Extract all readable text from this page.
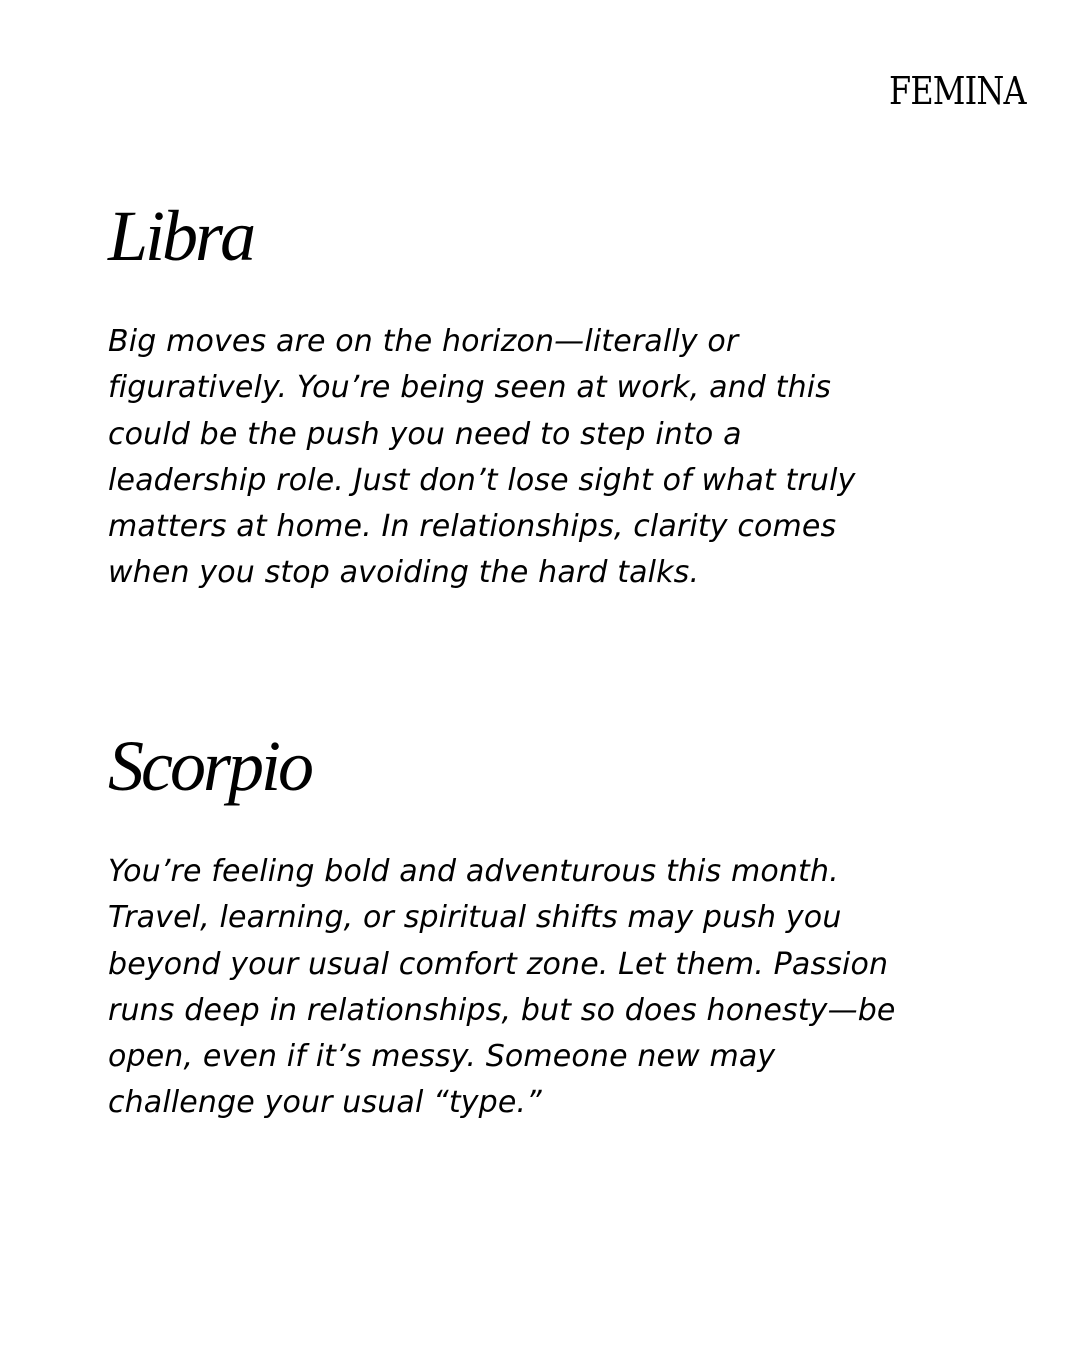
FEMINA
Libra

Big moves are on the horizon—literally or
figuratively. You’re being seen at work, and this
could be the push you need to step into a
leadership role. Just don’t lose sight of what truly
matters at home. In relationships, clarity comes
when you stop avoiding the hard talks.

Scorpio

You’re feeling bold and adventurous this month.
Travel, learning, or spiritual shifts may push you
beyond your usual comfort zone. Let them. Passion
runs deep in relationships, but so does honesty—be
open, even if it’s messy. Someone new may
challenge your usual “type.”
